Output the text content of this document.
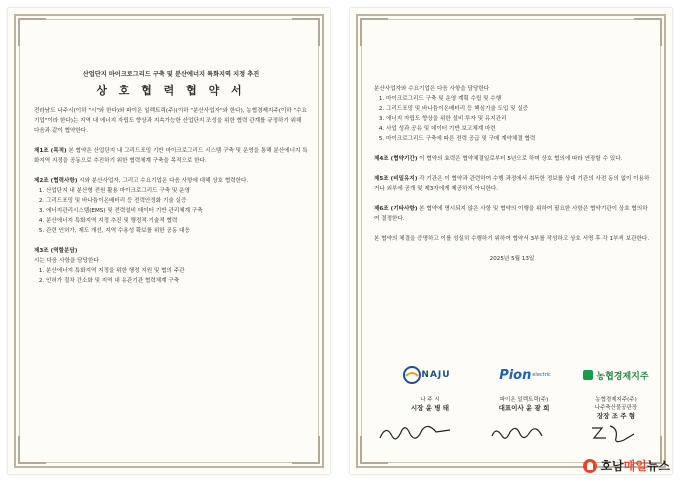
산업단지 마이크로그리드 구축 및 분산에너지 특화지역 지정 추진
상 호 협 력 협 약 서

전라남도 나주시(이하 "시"와 한다)와 파이온 일렉트릭(주)(이하 "분산사업자"와 한다), 농협경제지주(이하 "수요기업"이라 한다)는 지역 내 에너지 자립도 향상과 지속가능한 산업단지 조성을 위한 협력 관계를 규정하기 위해 다음과 같이 협약한다.

제1조 (목적) 본 협약은 산업단지 내 그리드포밍 기반 마이크로그리드 시스템 구축 및 운영을 통해 분산에너지 특화지역 지정을 공동으로 추진하기 위한 협력체계 구축을 목적으로 한다.

제2조 (협력사항) 시와 분산사업자, 그리고 수요기업은 다음 사항에 대해 상호 협력한다.

1. 산업단지 내 분산형 전원 활용 마이크로그리드 구축 및 운영
2. 그리드포밍 및 바나듐이온배터리 등 전력안정화 기술 실증
3. 에너지관리시스템(EMS) 및 전력설비 데이터 기반 관리체계 구축
4. 분산에너지 특화지역 지정 추진 및 행정적·기술적 협력
5. 관련 인허가, 제도 개선, 지역 수용성 확보를 위한 공동 대응

제3조 (역할분담)

시는 다음 사항을 담당한다

1. 분산에너지 특화지역 지정을 위한 행정 지원 및 협의 주관
2. 인허가 절차 간소화 및 지역 내 유관기관 협력체계 구축

분산사업자와 수요기업은 다음 사항을 담당한다

1. 마이크로그리드 구축 및 운영 계획 수립 및 수행
2. 그리드포밍 및 바나듐이온배터리 등 핵심기술 도입 및 실증
3. 에너지 자립도 향상을 위한 설비 투자 및 유지관리
4. 사업 성과 공유 및 데이터 기반 보고체계 마련
5. 마이크로그리드 구축에 따른 전력 공급 및 구매 계약체결 협력

제4조 (협약기간) 이 협약의 효력은 협약체결일로부터 5년으로 하며 상호 협의에 따라 연장할 수 있다.

제5조 (비밀유지) 각 기관은 이 협약과 관련하여 수행 과정에서 취득한 정보를 상대 기관의 사전 동의 없이 이용하거나 외부에 공개 및 제3자에게 제공하지 아니한다.

제6조 (기타사항) 본 협약에 명시되지 않은 사항 및 협약의 이행을 위하여 필요한 사항은 협약기관이 상호 협의하여 결정한다.

본 협약의 체결을 증명하고 이를 성실히 수행하기 위하여 협약서 3부를 작성하고 상호 서명 후 각 1부씩 보관한다.

2025년 5월 13일

NAJU	Pion electric	농협경제지주
나 주 시
시장 윤 병 태
파이온 일렉트릭(주)
대표이사 윤 광 희
농협경제지주(주)
나주축산물공판장
장장 조 주 형
호남매일뉴스
